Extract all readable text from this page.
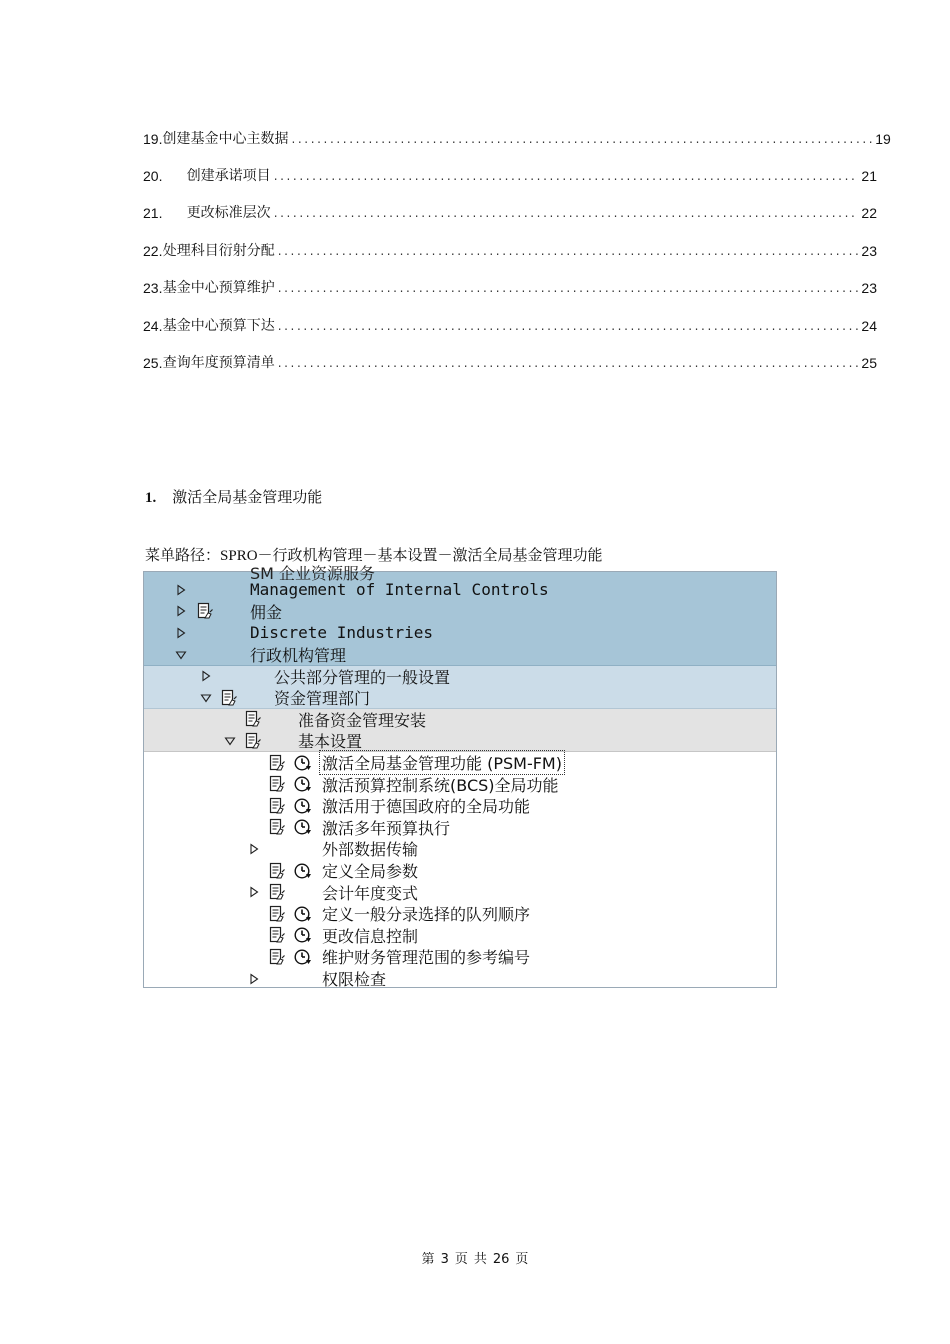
19. 创建基金中心主数据 ........................................................................................... 19
20.	创建承诺项目 ........................................................................................... 21
21.	更改标准层次 ........................................................................................... 22
22. 处理科目衍射分配 ........................................................................................... 23
23. 基金中心预算维护 ........................................................................................... 23
24. 基金中心预算下达 ........................................................................................... 24
25. 查询年度预算清单 ........................................................................................... 25
1. 激活全局基金管理功能
菜单路径：SPRO－行政机构管理－基本设置－激活全局基金管理功能
SM 企业资源服务
Management of Internal Controls
佣金
Discrete Industries
行政机构管理
公共部分管理的一般设置
资金管理部门
准备资金管理安装
基本设置
激活全局基金管理功能 (PSM-FM)
激活预算控制系统(BCS)全局功能
激活用于德国政府的全局功能
激活多年预算执行
外部数据传输
定义全局参数
会计年度变式
定义一般分录选择的队列顺序
更改信息控制
维护财务管理范围的参考编号
权限检查
第 3 页 共 26 页
